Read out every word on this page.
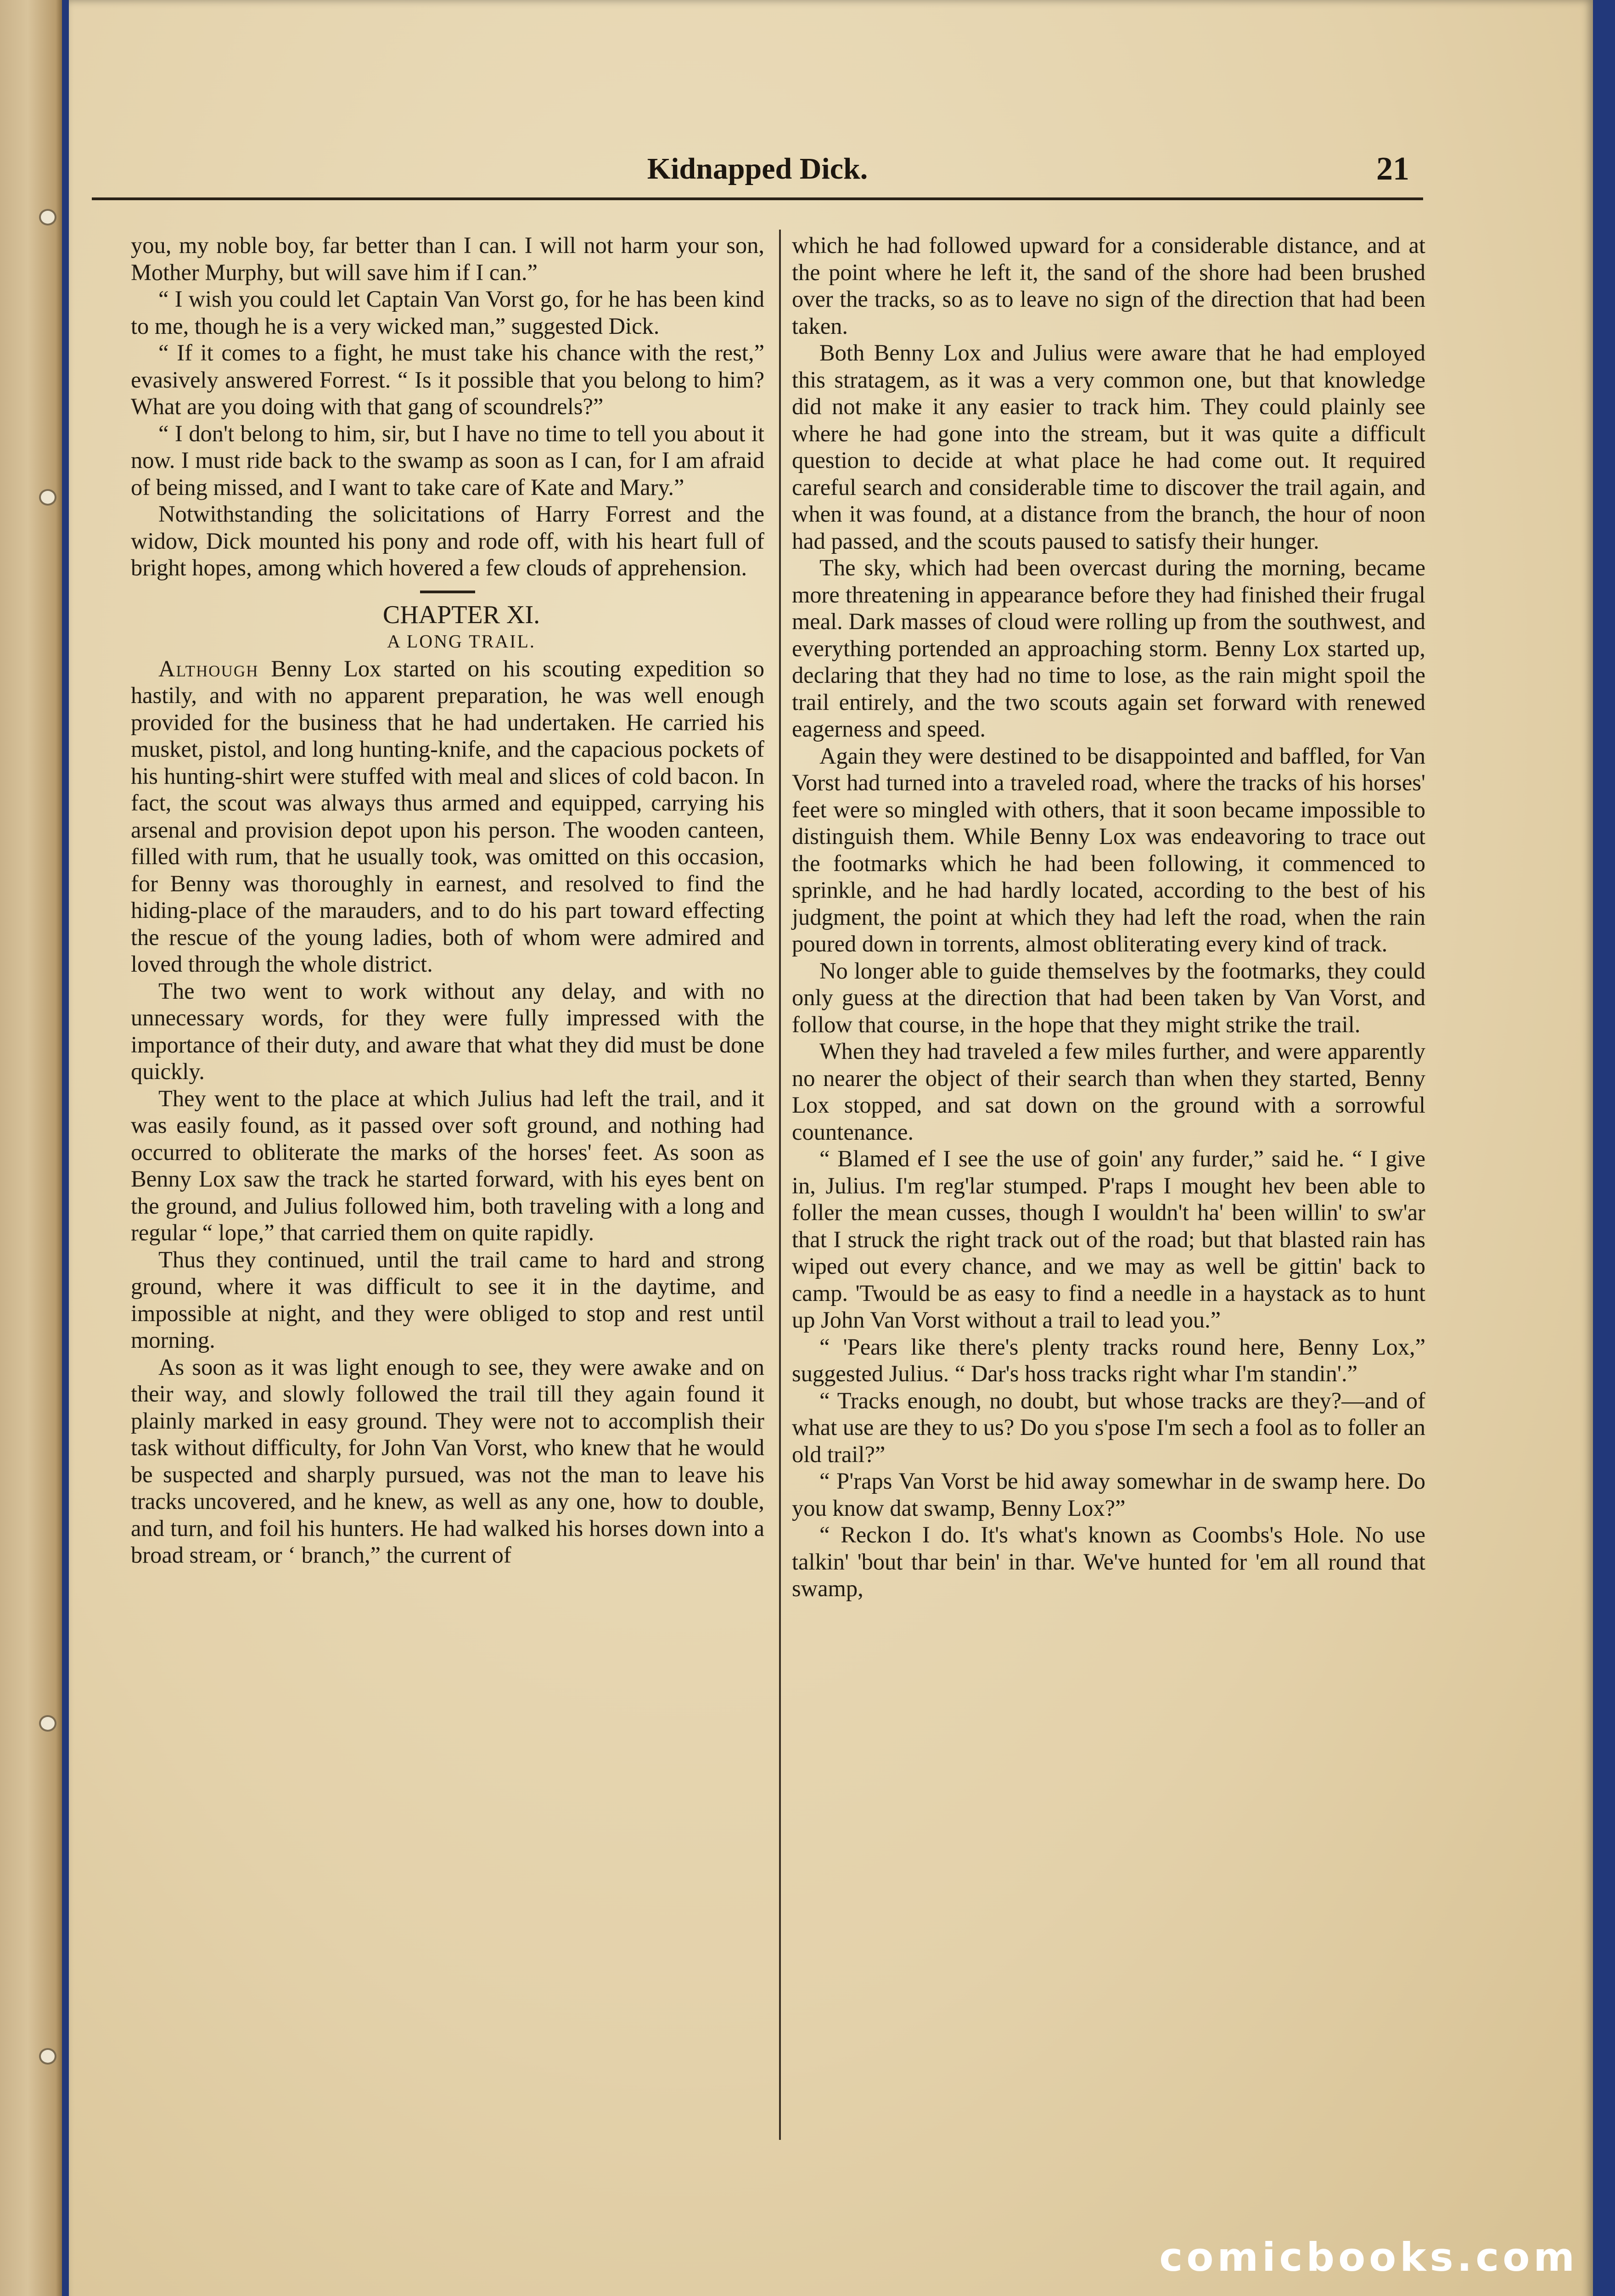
Kidnapped Dick.	21

you, my noble boy, far better than I can. I will not harm your son, Mother Murphy, but will save him if I can.”

“ I wish you could let Captain Van Vorst go, for he has been kind to me, though he is a very wicked man,” suggested Dick.

“ If it comes to a fight, he must take his chance with the rest,” evasively answered Forrest. “ Is it possible that you belong to him? What are you doing with that gang of scoundrels?”

“ I don't belong to him, sir, but I have no time to tell you about it now. I must ride back to the swamp as soon as I can, for I am afraid of being missed, and I want to take care of Kate and Mary.”

Notwithstanding the solicitations of Harry Forrest and the widow, Dick mounted his pony and rode off, with his heart full of bright hopes, among which hovered a few clouds of apprehension.

CHAPTER XI.

A LONG TRAIL.

Although Benny Lox started on his scouting expedition so hastily, and with no apparent preparation, he was well enough provided for the business that he had undertaken. He carried his musket, pistol, and long hunting-knife, and the capacious pockets of his hunting-shirt were stuffed with meal and slices of cold bacon. In fact, the scout was always thus armed and equipped, carrying his arsenal and provision depot upon his person. The wooden canteen, filled with rum, that he usually took, was omitted on this occasion, for Benny was thoroughly in earnest, and resolved to find the hiding-place of the marauders, and to do his part toward effecting the rescue of the young ladies, both of whom were admired and loved through the whole district.

The two went to work without any delay, and with no unnecessary words, for they were fully impressed with the importance of their duty, and aware that what they did must be done quickly.

They went to the place at which Julius had left the trail, and it was easily found, as it passed over soft ground, and nothing had occurred to obliterate the marks of the horses' feet. As soon as Benny Lox saw the track he started forward, with his eyes bent on the ground, and Julius followed him, both traveling with a long and regular “ lope,” that carried them on quite rapidly.

Thus they continued, until the trail came to hard and strong ground, where it was difficult to see it in the daytime, and impossible at night, and they were obliged to stop and rest until morning.

As soon as it was light enough to see, they were awake and on their way, and slowly followed the trail till they again found it plainly marked in easy ground. They were not to accomplish their task without difficulty, for John Van Vorst, who knew that he would be suspected and sharply pursued, was not the man to leave his tracks uncovered, and he knew, as well as any one, how to double, and turn, and foil his hunters. He had walked his horses down into a broad stream, or ‘ branch,” the current of

which he had followed upward for a considerable distance, and at the point where he left it, the sand of the shore had been brushed over the tracks, so as to leave no sign of the direction that had been taken.

Both Benny Lox and Julius were aware that he had employed this stratagem, as it was a very common one, but that knowledge did not make it any easier to track him. They could plainly see where he had gone into the stream, but it was quite a difficult question to decide at what place he had come out. It required careful search and considerable time to discover the trail again, and when it was found, at a distance from the branch, the hour of noon had passed, and the scouts paused to satisfy their hunger.

The sky, which had been overcast during the morning, became more threatening in appearance before they had finished their frugal meal. Dark masses of cloud were rolling up from the southwest, and everything portended an approaching storm. Benny Lox started up, declaring that they had no time to lose, as the rain might spoil the trail entirely, and the two scouts again set forward with renewed eagerness and speed.

Again they were destined to be disappointed and baffled, for Van Vorst had turned into a traveled road, where the tracks of his horses' feet were so mingled with others, that it soon became impossible to distinguish them. While Benny Lox was endeavoring to trace out the footmarks which he had been following, it commenced to sprinkle, and he had hardly located, according to the best of his judgment, the point at which they had left the road, when the rain poured down in torrents, almost obliterating every kind of track.

No longer able to guide themselves by the footmarks, they could only guess at the direction that had been taken by Van Vorst, and follow that course, in the hope that they might strike the trail.

When they had traveled a few miles further, and were apparently no nearer the object of their search than when they started, Benny Lox stopped, and sat down on the ground with a sorrowful countenance.

“ Blamed ef I see the use of goin' any furder,” said he. “ I give in, Julius. I'm reg'lar stumped. P'raps I mought hev been able to foller the mean cusses, though I wouldn't ha' been willin' to sw'ar that I struck the right track out of the road; but that blasted rain has wiped out every chance, and we may as well be gittin' back to camp. 'Twould be as easy to find a needle in a haystack as to hunt up John Van Vorst without a trail to lead you.”

“ 'Pears like there's plenty tracks round here, Benny Lox,” suggested Julius. “ Dar's hoss tracks right whar I'm standin'.”

“ Tracks enough, no doubt, but whose tracks are they?—and of what use are they to us? Do you s'pose I'm sech a fool as to foller an old trail?”

“ P'raps Van Vorst be hid away somewhar in de swamp here. Do you know dat swamp, Benny Lox?”

“ Reckon I do. It's what's known as Coombs's Hole. No use talkin' 'bout thar bein' in thar. We've hunted for 'em all round that swamp,

comicbooks.com
